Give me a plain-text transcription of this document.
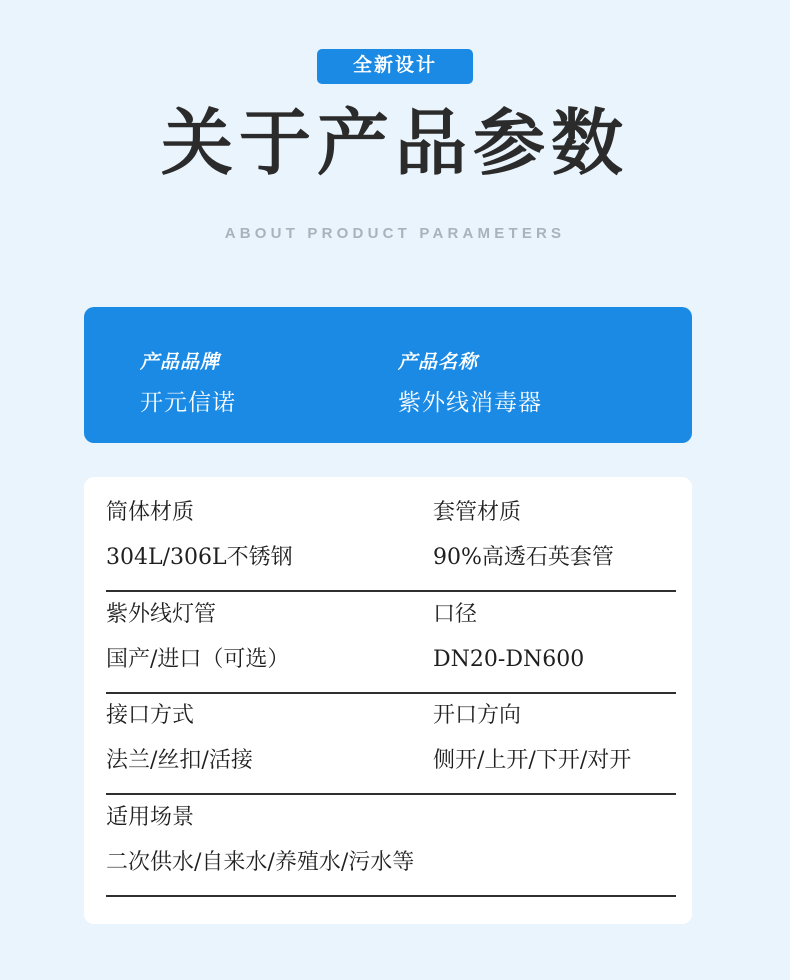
全新设计
关于产品参数
ABOUT PRODUCT PARAMETERS
产品品牌
开元信诺
产品名称
紫外线消毒器
筒体材质
304L/306L不锈钢
套管材质
90%高透石英套管
紫外线灯管
国产/进口（可选）
口径
DN20-DN600
接口方式
法兰/丝扣/活接
开口方向
侧开/上开/下开/对开
适用场景
二次供水/自来水/养殖水/污水等
